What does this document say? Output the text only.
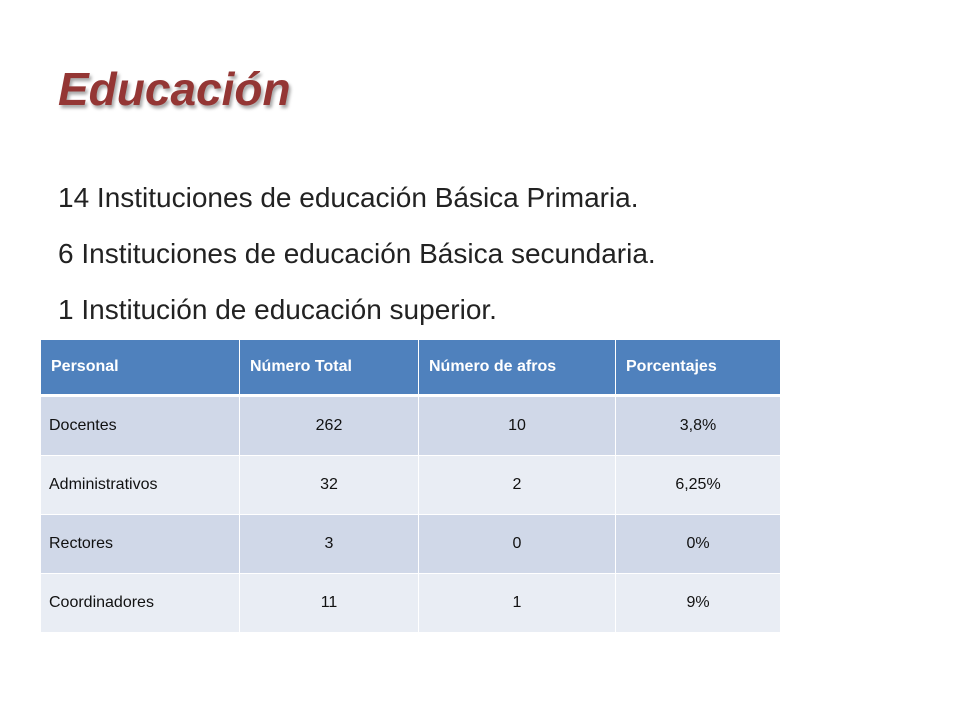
Educación
14 Instituciones de educación Básica Primaria.
6 Instituciones de educación Básica secundaria.
1 Institución de educación superior.
Personal	Número Total	Número de afros	Porcentajes
Docentes	262	10	3,8%
Administrativos	32	2	6,25%
Rectores	3	0	0%
Coordinadores	11	1	9%
